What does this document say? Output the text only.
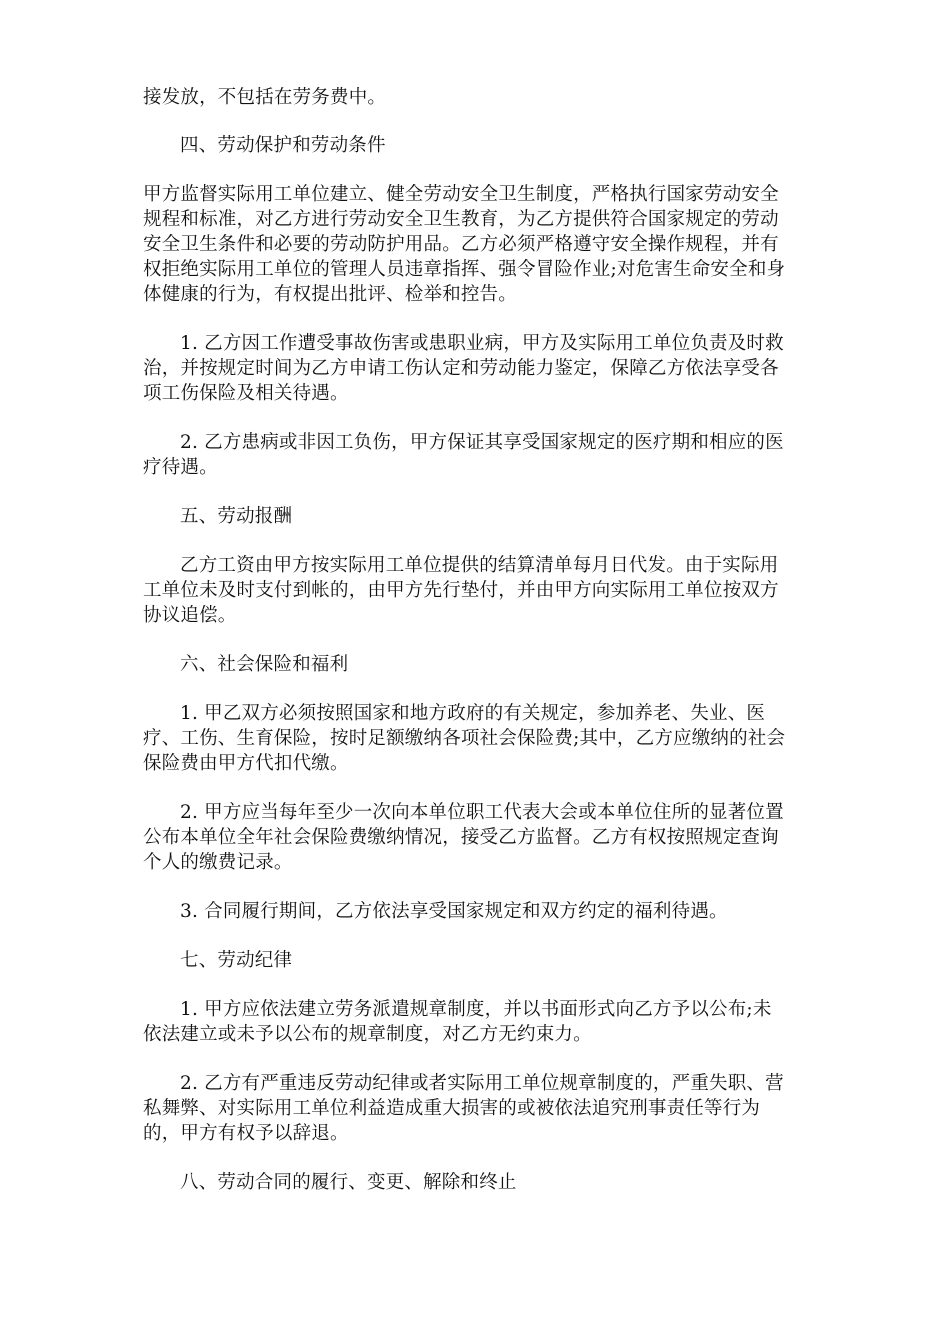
接发放，不包括在劳务费中。

四、劳动保护和劳动条件

甲方监督实际用工单位建立、健全劳动安全卫生制度，严格执行国家劳动安全

规程和标准，对乙方进行劳动安全卫生教育，为乙方提供符合国家规定的劳动

安全卫生条件和必要的劳动防护用品。乙方必须严格遵守安全操作规程，并有

权拒绝实际用工单位的管理人员违章指挥、强令冒险作业;对危害生命安全和身

体健康的行为，有权提出批评、检举和控告。

1. 乙方因工作遭受事故伤害或患职业病，甲方及实际用工单位负责及时救

治，并按规定时间为乙方申请工伤认定和劳动能力鉴定，保障乙方依法享受各

项工伤保险及相关待遇。

2. 乙方患病或非因工负伤，甲方保证其享受国家规定的医疗期和相应的医

疗待遇。

五、劳动报酬

乙方工资由甲方按实际用工单位提供的结算清单每月日代发。由于实际用

工单位未及时支付到帐的，由甲方先行垫付，并由甲方向实际用工单位按双方

协议追偿。

六、社会保险和福利

1. 甲乙双方必须按照国家和地方政府的有关规定，参加养老、失业、医

疗、工伤、生育保险，按时足额缴纳各项社会保险费;其中，乙方应缴纳的社会

保险费由甲方代扣代缴。

2. 甲方应当每年至少一次向本单位职工代表大会或本单位住所的显著位置

公布本单位全年社会保险费缴纳情况，接受乙方监督。乙方有权按照规定查询

个人的缴费记录。

3. 合同履行期间，乙方依法享受国家规定和双方约定的福利待遇。

七、劳动纪律

1. 甲方应依法建立劳务派遣规章制度，并以书面形式向乙方予以公布;未

依法建立或未予以公布的规章制度，对乙方无约束力。

2. 乙方有严重违反劳动纪律或者实际用工单位规章制度的，严重失职、营

私舞弊、对实际用工单位利益造成重大损害的或被依法追究刑事责任等行为

的，甲方有权予以辞退。

八、劳动合同的履行、变更、解除和终止
